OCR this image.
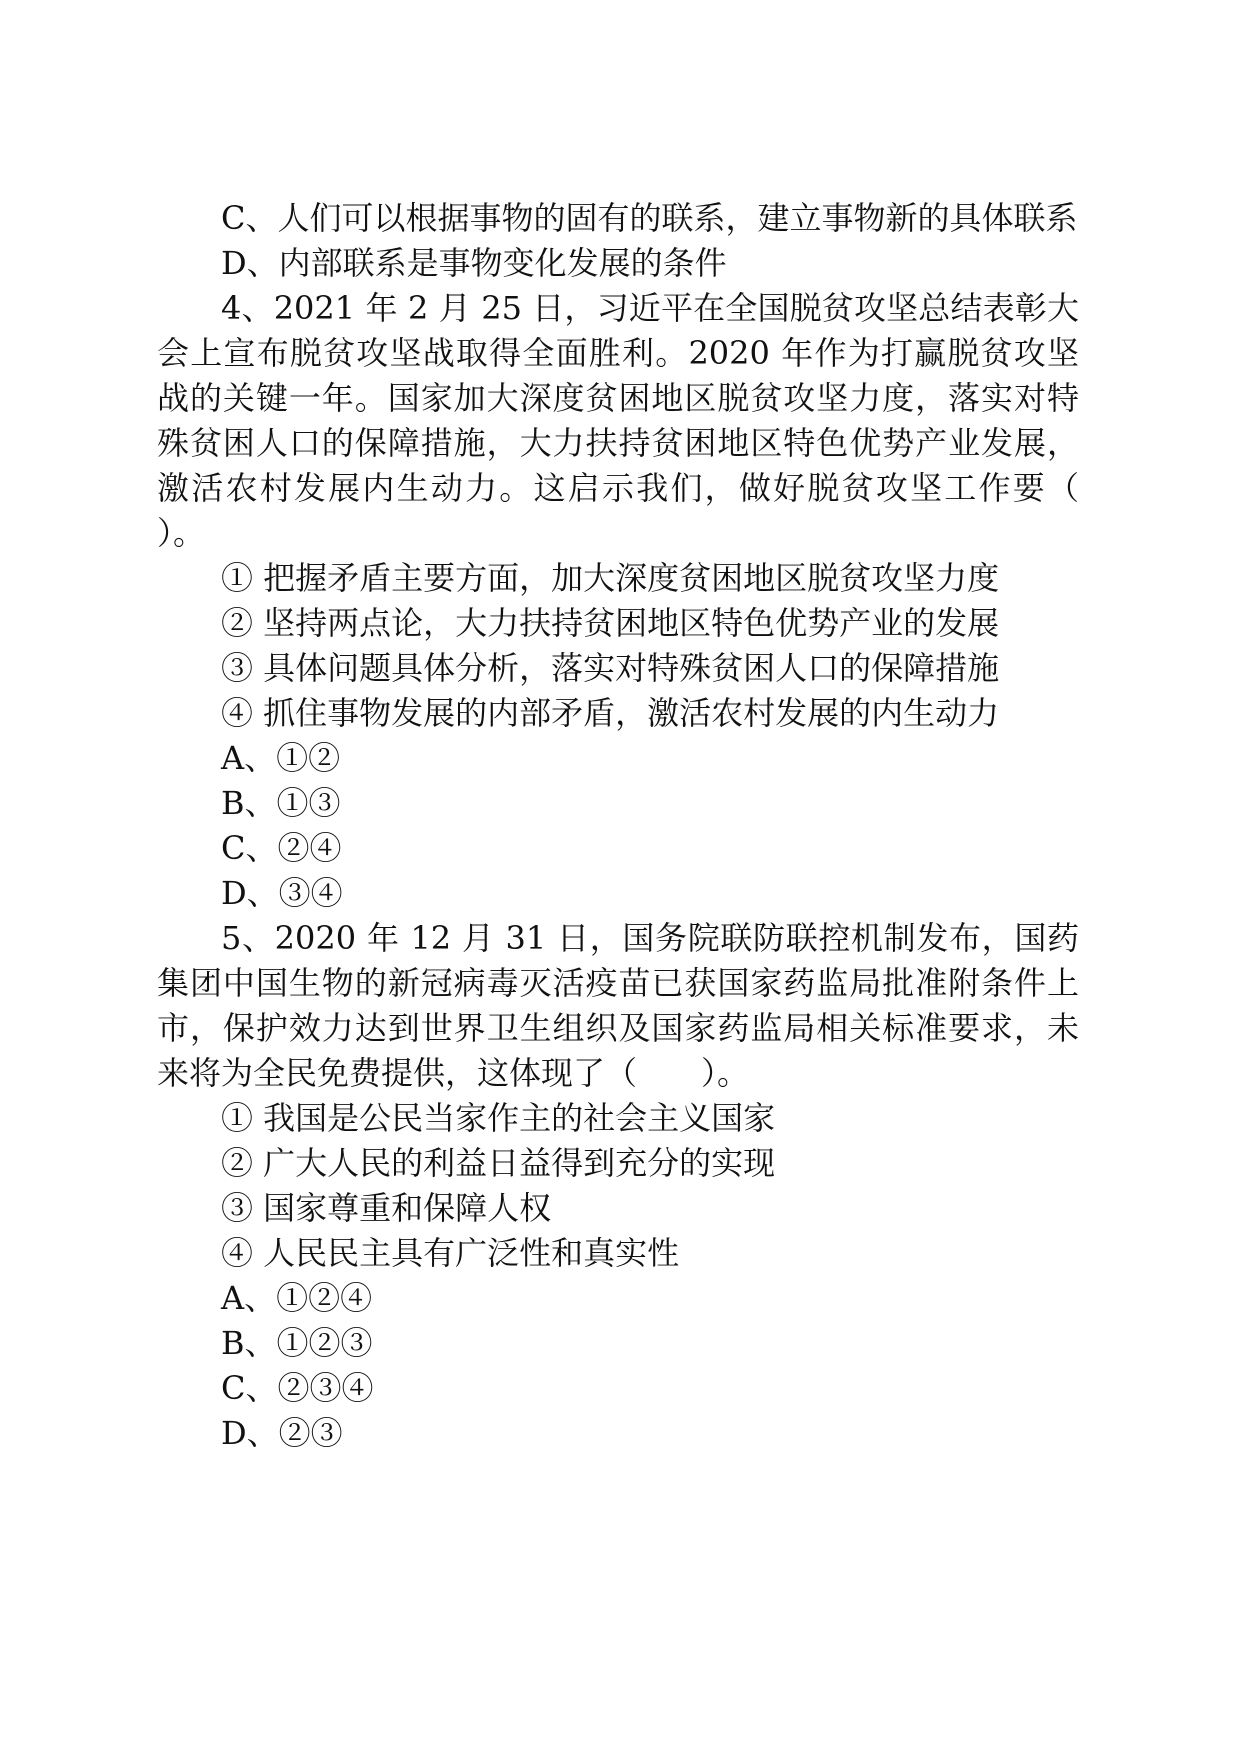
C、人们可以根据事物的固有的联系，建立事物新的具体联系

D、内部联系是事物变化发展的条件

4、2021 年 2 月 25 日，习近平在全国脱贫攻坚总结表彰大会上宣布脱贫攻坚战取得全面胜利。2020 年作为打赢脱贫攻坚战的关键一年。国家加大深度贫困地区脱贫攻坚力度，落实对特殊贫困人口的保障措施，大力扶持贫困地区特色优势产业发展，激活农村发展内生动力。这启示我们，做好脱贫攻坚工作要（　　）。

① 把握矛盾主要方面，加大深度贫困地区脱贫攻坚力度

② 坚持两点论，大力扶持贫困地区特色优势产业的发展

③ 具体问题具体分析，落实对特殊贫困人口的保障措施

④ 抓住事物发展的内部矛盾，激活农村发展的内生动力

A、①②

B、①③

C、②④

D、③④

5、2020 年 12 月 31 日，国务院联防联控机制发布，国药集团中国生物的新冠病毒灭活疫苗已获国家药监局批准附条件上市，保护效力达到世界卫生组织及国家药监局相关标准要求，未来将为全民免费提供，这体现了（　　）。

① 我国是公民当家作主的社会主义国家

② 广大人民的利益日益得到充分的实现

③ 国家尊重和保障人权

④ 人民民主具有广泛性和真实性

A、①②④

B、①②③

C、②③④

D、②③
